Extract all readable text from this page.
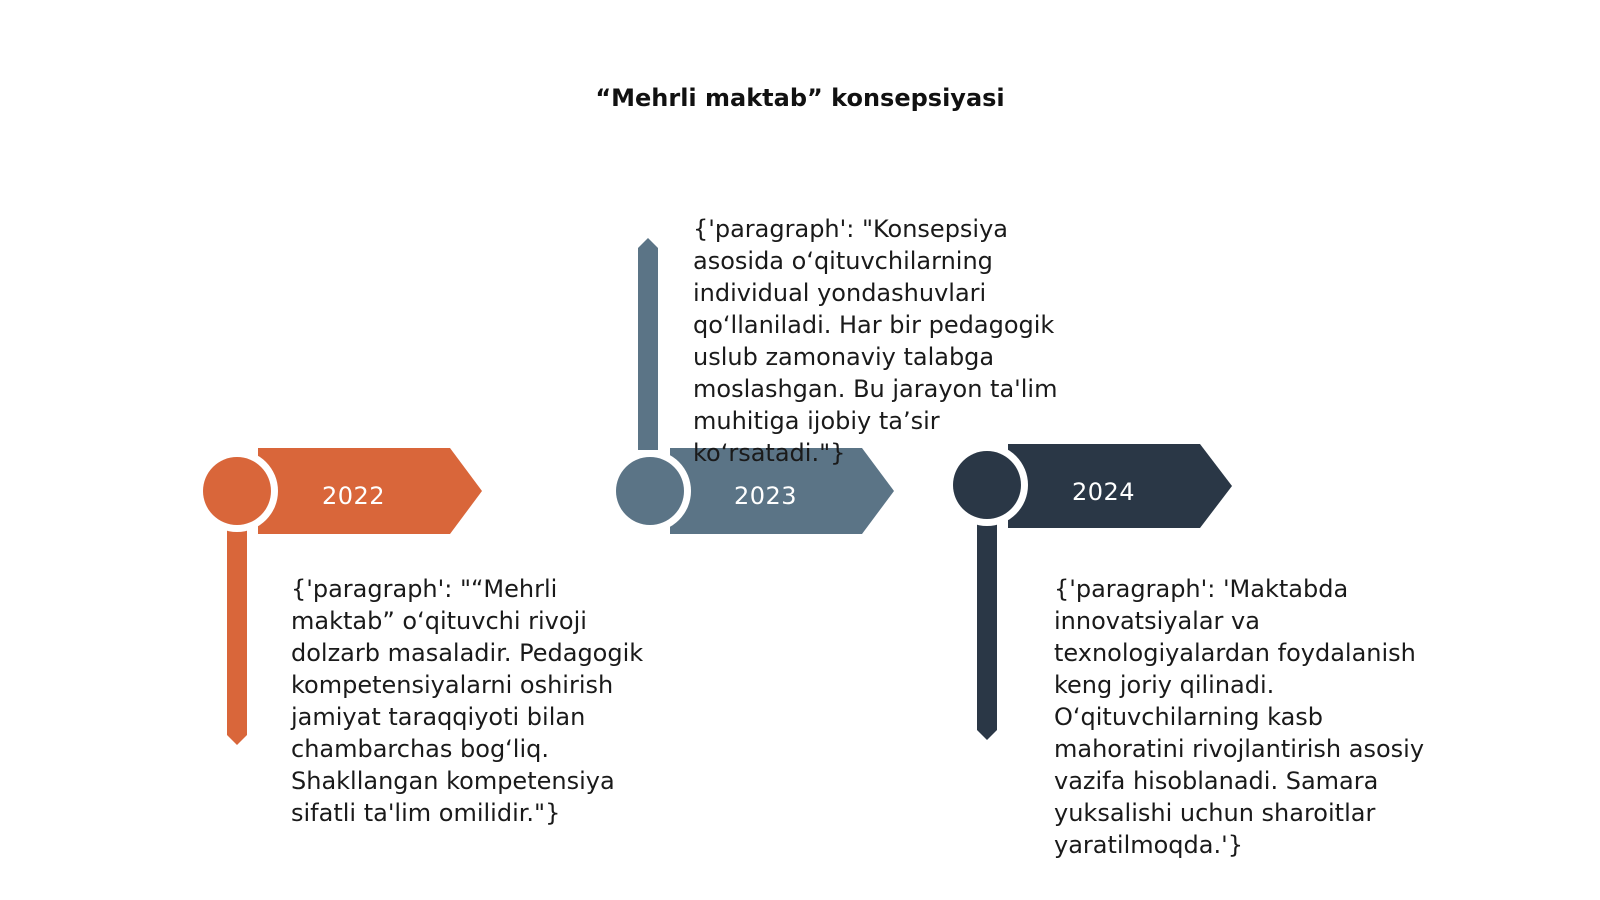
“Mehrli maktab” konsepsiyasi
2022	2023	2024
{'paragraph': "“Mehrli maktab” o‘qituvchi rivoji dolzarb masaladir. Pedagogik kompetensiyalarni oshirish jamiyat taraqqiyoti bilan chambarchas bog‘liq. Shakllangan kompetensiya sifatli ta'lim omilidir."}
{'paragraph': "Konsepsiya asosida o‘qituvchilarning individual yondashuvlari qo‘llaniladi. Har bir pedagogik uslub zamonaviy talabga moslashgan. Bu jarayon ta'lim muhitiga ijobiy ta’sir ko‘rsatadi."}
{'paragraph': 'Maktabda innovatsiyalar va texnologiyalardan foydalanish keng joriy qilinadi. O‘qituvchilarning kasb mahoratini rivojlantirish asosiy vazifa hisoblanadi. Samara yuksalishi uchun sharoitlar yaratilmoqda.'}
